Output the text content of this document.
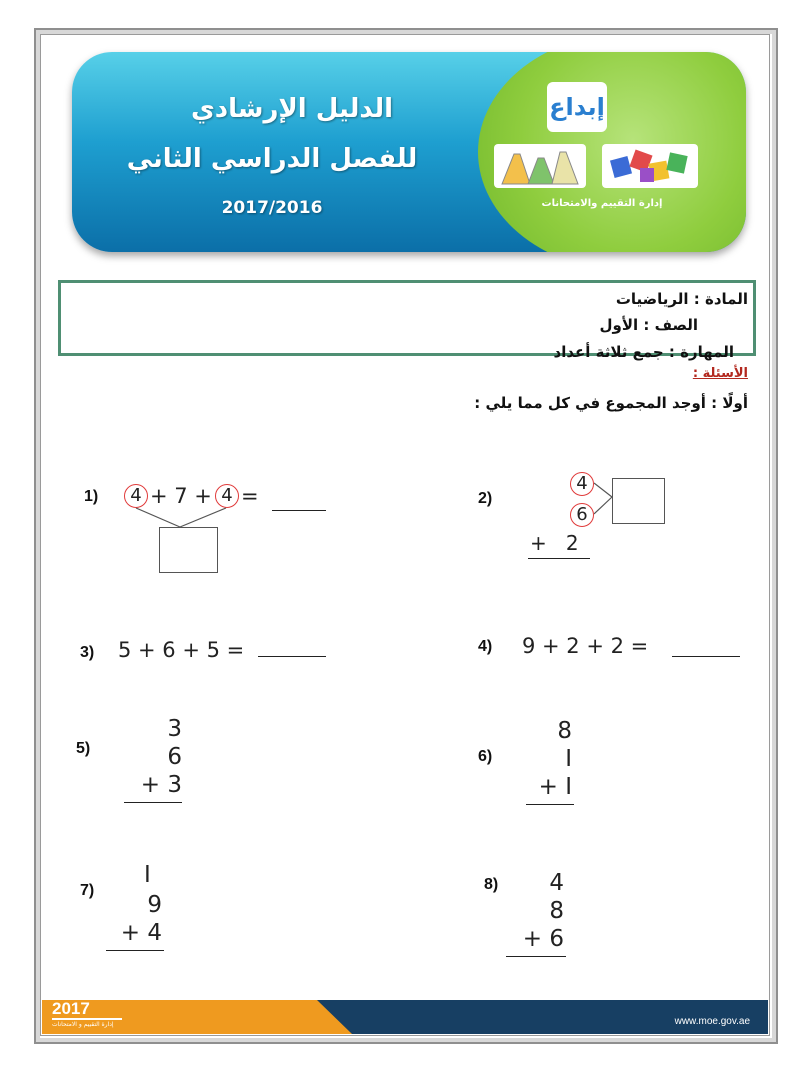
الدليل الإرشادي
للفصل الدراسي الثاني
2017/2016
إبداع
إدارة التقييم والامتحانات
المادة : الرياضيات
الصف : الأول
المهارة : جمع ثلاثة أعداد
الأسئلة :
أولًا : أوجد المجموع في كل مما يلي :
1)	4 + 7 + 4 =	2)
4
6
+   2
3) 5 + 6 + 5 =	4) 9 + 2 + 2 =
5)
3
6
+ 3
6)
8
I
+ I
7)
I
9
+ 4
8)	4
8
+ 6
2017
إدارة التقييم و الامتحانات	www.moe.gov.ae
